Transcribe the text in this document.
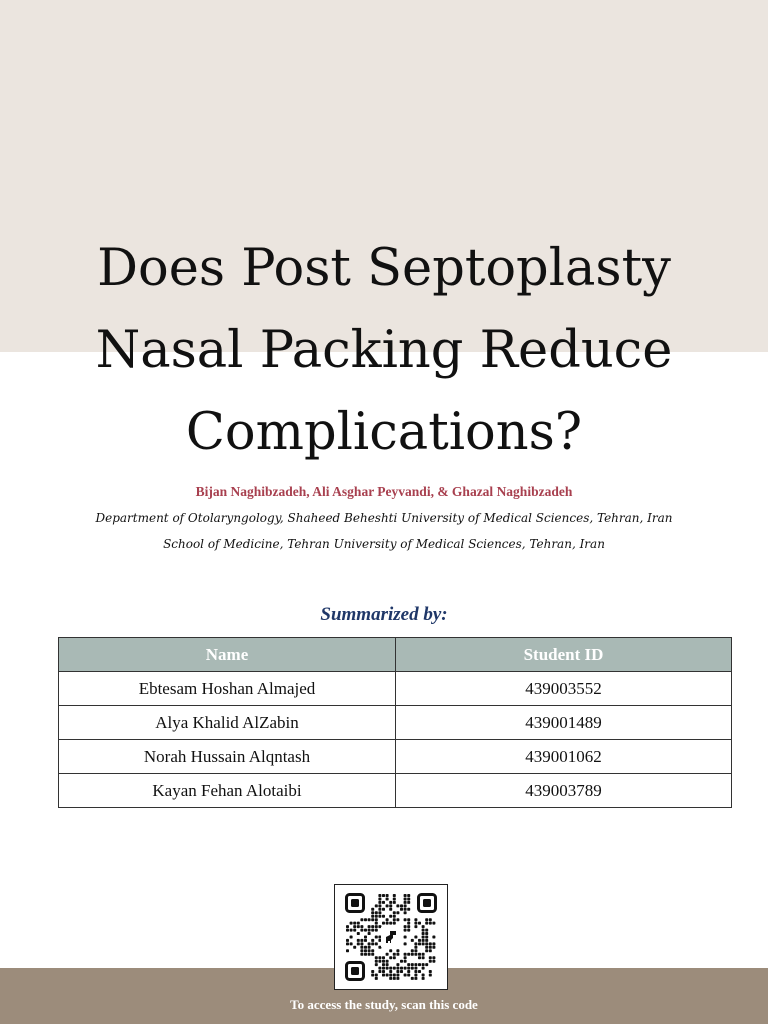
Does Post Septoplasty
Nasal Packing Reduce
Complications?
Bijan Naghibzadeh, Ali Asghar Peyvandi, & Ghazal Naghibzadeh
Department of Otolaryngology, Shaheed Beheshti University of Medical Sciences, Tehran, Iran
School of Medicine, Tehran University of Medical Sciences, Tehran, Iran
Summarized by:
Name	Student ID
Ebtesam Hoshan Almajed	439003552
Alya Khalid AlZabin	439001489
Norah Hussain Alqntash	439001062
Kayan Fehan Alotaibi	439003789
To access the study, scan this code
